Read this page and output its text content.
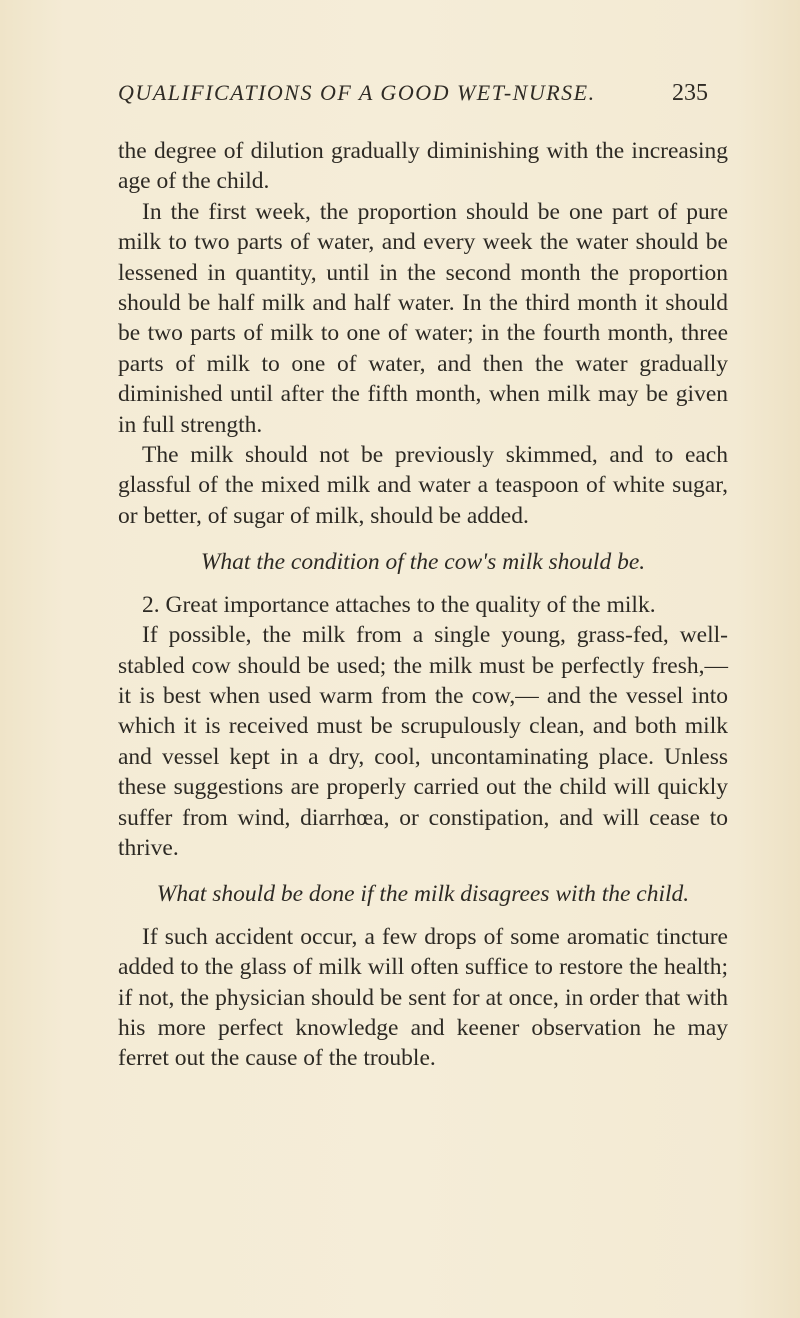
QUALIFICATIONS OF A GOOD WET-NURSE.	235

the degree of dilution gradually diminishing with the increasing age of the child.

In the first week, the proportion should be one part of pure milk to two parts of water, and every week the water should be lessened in quantity, until in the second month the proportion should be half milk and half water. In the third month it should be two parts of milk to one of water; in the fourth month, three parts of milk to one of water, and then the water gradually diminished until after the fifth month, when milk may be given in full strength.

The milk should not be previously skimmed, and to each glassful of the mixed milk and water a teaspoon of white sugar, or better, of sugar of milk, should be added.

What the condition of the cow's milk should be.

2. Great importance attaches to the quality of the milk.

If possible, the milk from a single young, grass-fed, well-stabled cow should be used; the milk must be perfectly fresh,—it is best when used warm from the cow,— and the vessel into which it is received must be scrupulously clean, and both milk and vessel kept in a dry, cool, uncontaminating place. Unless these suggestions are properly carried out the child will quickly suffer from wind, diarrhœa, or constipation, and will cease to thrive.

What should be done if the milk disagrees with the child.

If such accident occur, a few drops of some aromatic tincture added to the glass of milk will often suffice to restore the health; if not, the physician should be sent for at once, in order that with his more perfect knowledge and keener observation he may ferret out the cause of the trouble.
